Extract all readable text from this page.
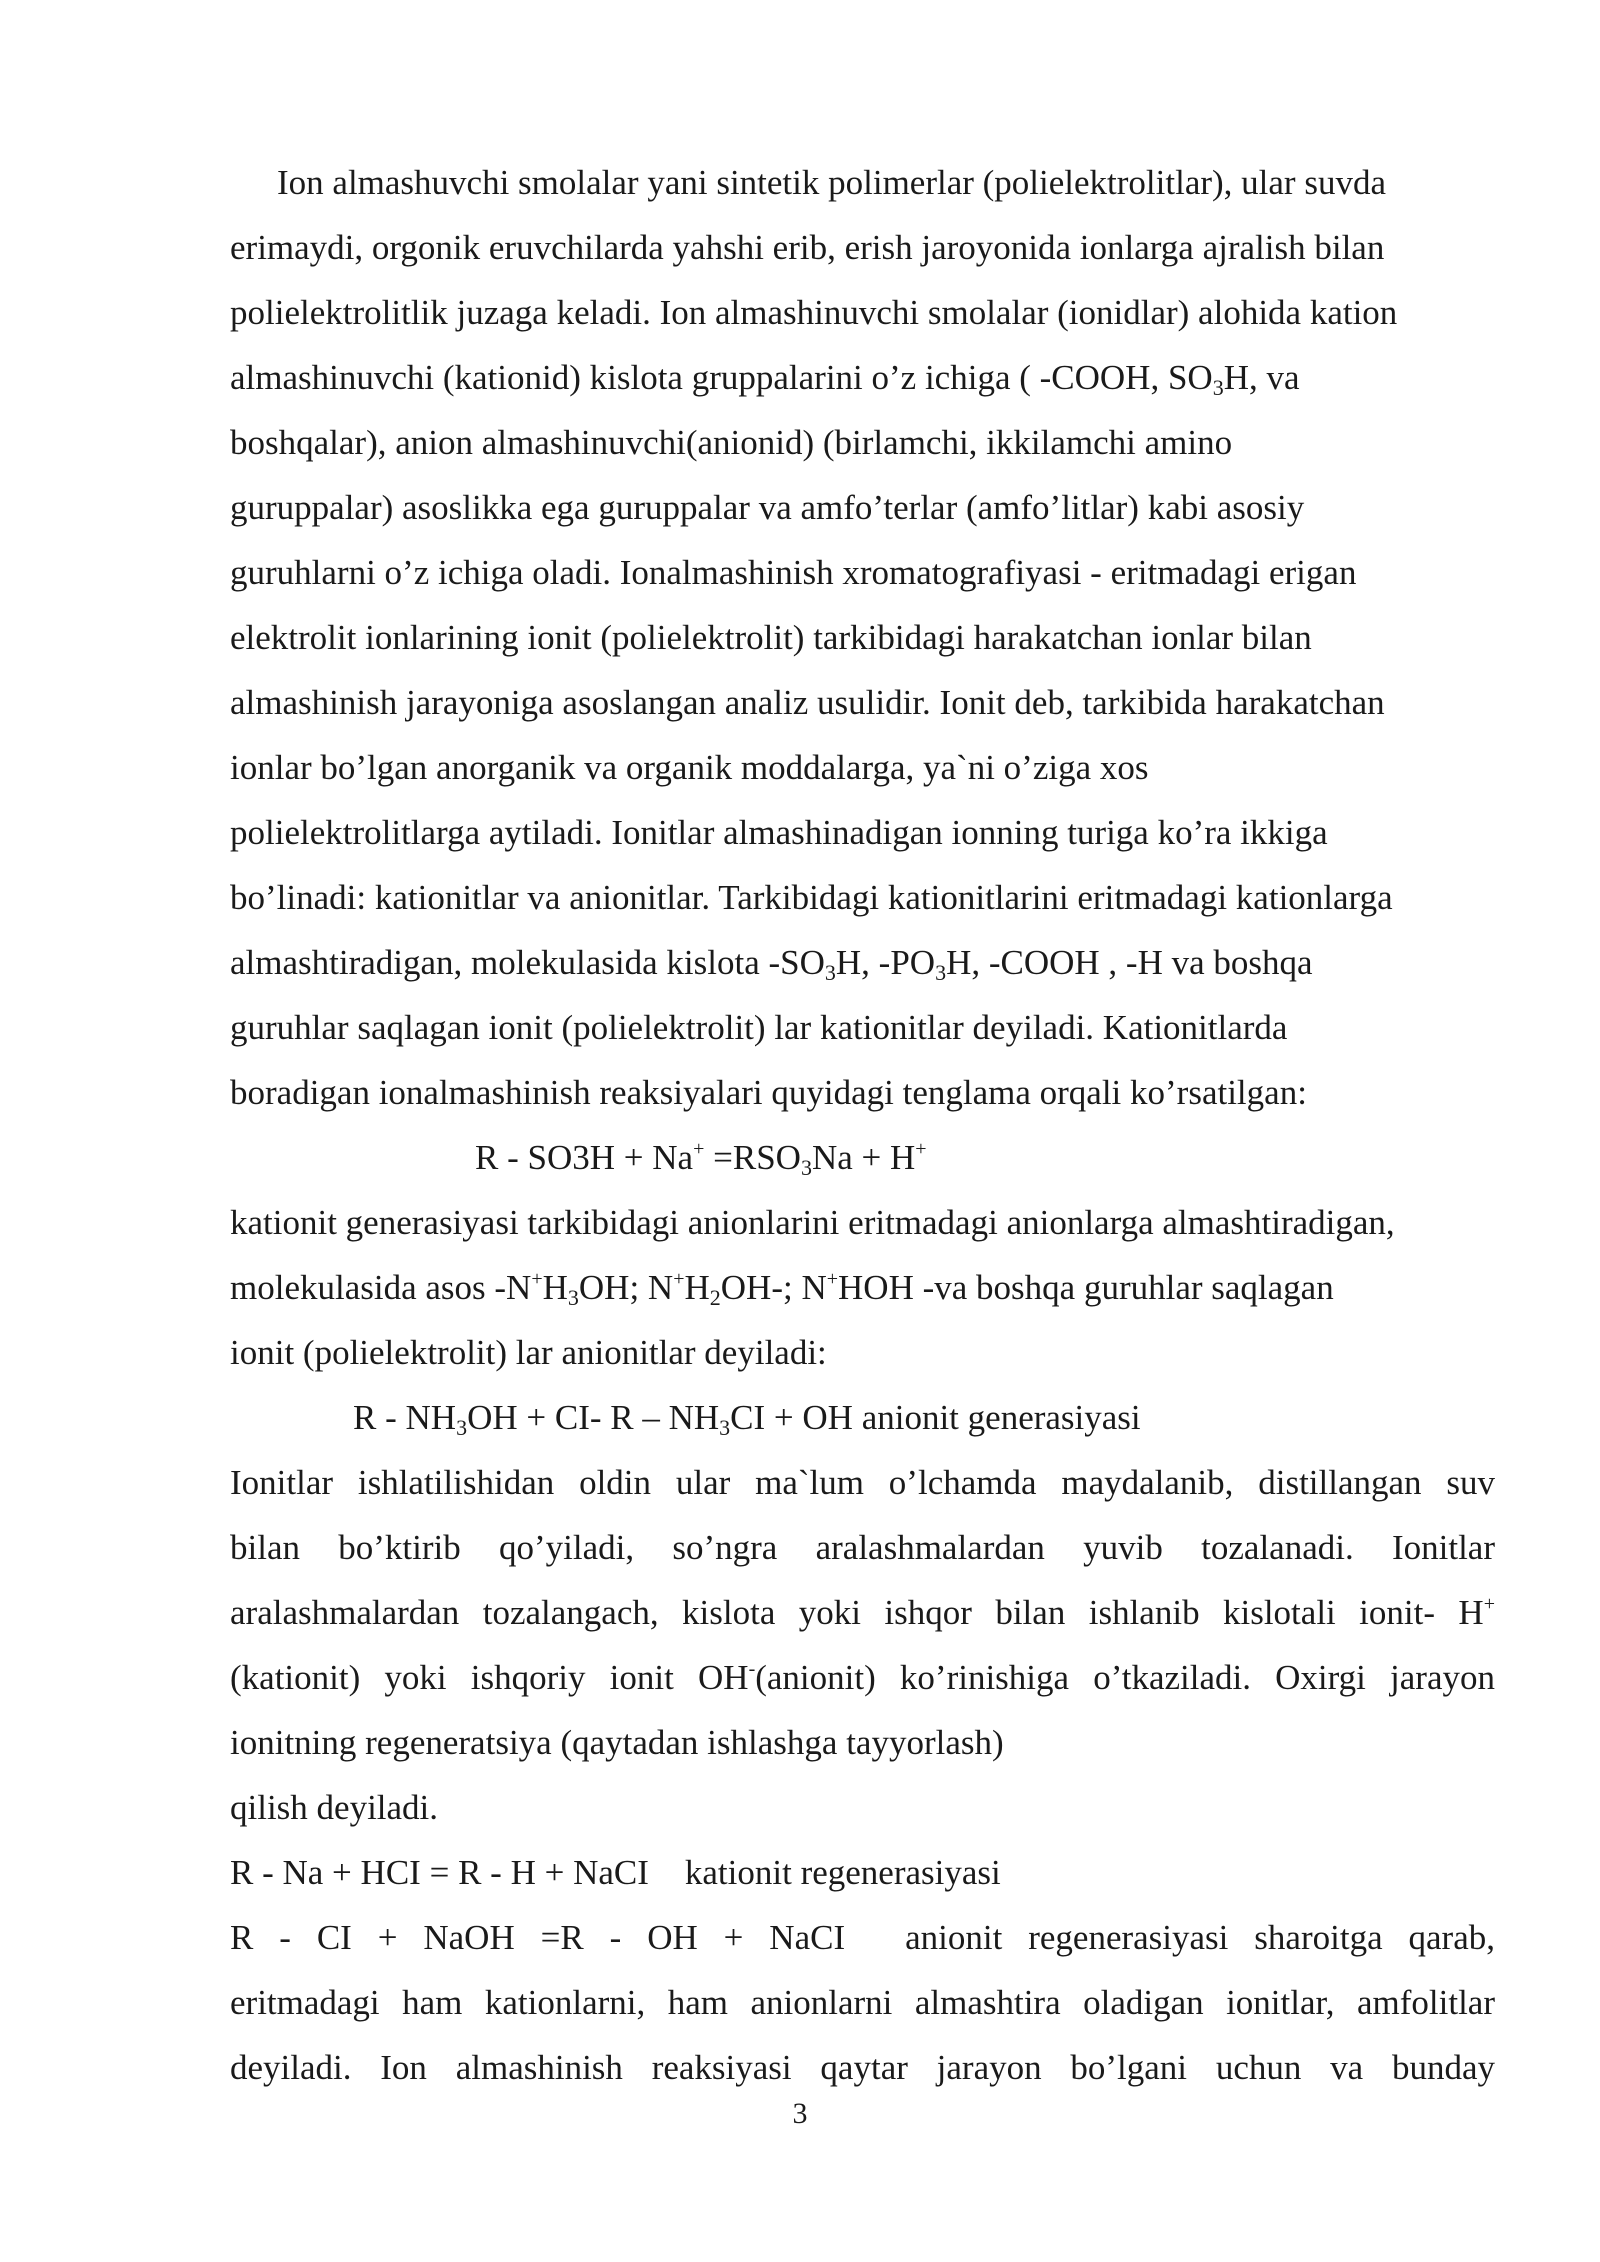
Ion almashuvchi smolalar yani sintetik polimerlar (polielektrolitlar), ular suvda
erimaydi, orgonik eruvchilarda yahshi erib, erish jaroyonida ionlarga ajralish bilan
polielektrolitlik juzaga keladi. Ion almashinuvchi smolalar (ionidlar) alohida kation
almashinuvchi (kationid) kislota gruppalarini o’z ichiga ( -COOH, $SO_3H$, va
boshqalar), anion almashinuvchi(anionid) (birlamchi, ikkilamchi amino
guruppalar) asoslikka ega guruppalar va amfo’terlar (amfo’litlar) kabi asosiy
guruhlarni o’z ichiga oladi. Ionalmashinish xromatografiyasi - eritmadagi erigan
elektrolit ionlarining ionit (polielektrolit) tarkibidagi harakatchan ionlar bilan
almashinish jarayoniga asoslangan analiz usulidir. Ionit deb, tarkibida harakatchan
ionlar bo’lgan anorganik va organik moddalarga, ya`ni o’ziga xos
polielektrolitlarga aytiladi. Ionitlar almashinadigan ionning turiga ko’ra ikkiga
bo’linadi: kationitlar va anionitlar. Tarkibidagi kationitlarini eritmadagi kationlarga
almashtiradigan, molekulasida kislota $-SO_3H$, $-PO_3H$, -COOH , -H va boshqa
guruhlar saqlagan ionit (polielektrolit) lar kationitlar deyiladi. Kationitlarda
boradigan ionalmashinish reaksiyalari quyidagi tenglama orqali ko’rsatilgan:
$R - SO3H + Na^+ =RSO_3Na + H^+$
kationit generasiyasi tarkibidagi anionlarini eritmadagi anionlarga almashtiradigan,
molekulasida asos $-N^+H_3OH$; $N^+H_2OH-$; N+HOH -va boshqa guruhlar saqlagan
ionit (polielektrolit) lar anionitlar deyiladi:
$R - NH_3OH + CI-$ R – $NH_3CI$ + OH anionit generasiyasi
Ionitlar ishlatilishidan oldin ular ma`lum o’lchamda maydalanib, distillangan suv
bilan bo’ktirib qo’yiladi, so’ngra aralashmalardan yuvib tozalanadi. Ionitlar
aralashmalardan tozalangach, kislota yoki ishqor bilan ishlanib kislotali ionit- H+
(kationit) yoki ishqoriy ionit OH-(anionit) ko’rinishiga o’tkaziladi. Oxirgi jarayon
ionitning regeneratsiya (qaytadan ishlashga tayyorlash)
qilish deyiladi.
R - Na + HCI = R - H + NaCI kationit regenerasiyasi
R - CI + NaOH =R - OH + NaCI anionit regenerasiyasi sharoitga qarab,
eritmadagi ham kationlarni, ham anionlarni almashtira oladigan ionitlar, amfolitlar
deyiladi. Ion almashinish reaksiyasi qaytar jarayon bo’lgani uchun va bunday
3
